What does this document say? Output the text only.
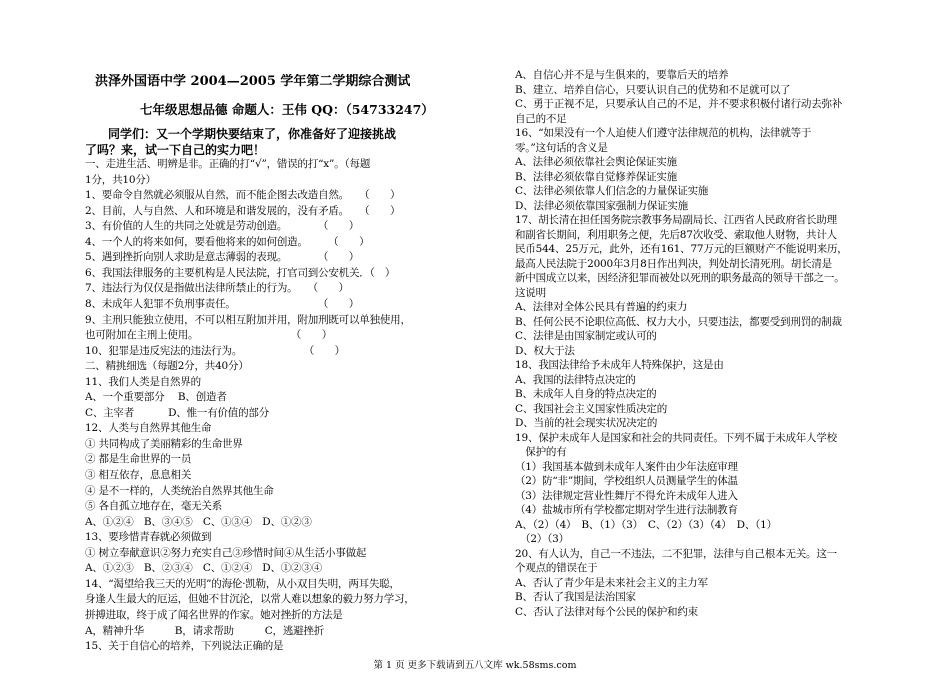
洪泽外国语中学 2004—2005 学年第二学期综合测试
七年级思想品德 命题人：王伟 QQ：（54733247）
同学们：又一个学期快要结束了，你准备好了迎接挑战
了吗？来，试一下自己的实力吧！
一、走进生活、明辨是非。正确的打“√”，错误的打“x”。（每题
1分，共10分）
1、要命令自然就必须服从自然，而不能企图去改造自然。　　（　　）
2、目前，人与自然、人和环境是和谐发展的，没有矛盾。　　（　　）
3、有价值的人生的共同之处就是劳动创造。　　　　（　　）
4、一个人的将来如何，要看他将来的如何创造。　　　（　　）
5、遇到挫折向别人求助是意志薄弱的表现。　　　　（　　）
6、我国法律服务的主要机构是人民法院，打官司到公安机关．（　）
7、违法行为仅仅是指做出法律所禁止的行为。　　（　　）
8、未成年人犯罪不负刑事责任。　　　　　　　　　（　　）
9、主刑只能独立使用，不可以相互附加并用，附加刑既可以单独使用，
也可附加在主刑上使用。　　　　　　　　　　（　　）
10、犯罪是违反宪法的违法行为。　　　　　　　（　　）
二、精挑细选（每题2分，共40分）
11、我们人类是自然界的
A、一个重要部分　 B、创造者
C、主宰者　　　 D、惟一有价值的部分
12、人类与自然界其他生命
① 共同构成了美丽精彩的生命世界
② 都是生命世界的一员
③ 相互依存，息息相关
④ 是不一样的，人类统治自然界其他生命
⑤ 各自孤立地存在，毫无关系
A、①②④　B、③④⑤　C、①③④　D、①②③
13、要珍惜青春就必须做到
① 树立奉献意识②努力充实自己③珍惜时间④从生活小事做起
A、①②③　B、②③④　C、①②④　D、①②③④
14、“渴望给我三天的光明”的海伦·凯勒，从小双目失明，两耳失聪，
身逢人生最大的厄运，但她不甘沉沦，以常人难以想象的毅力努力学习，
拼搏进取，终于成了闻名世界的作家。她对挫折的方法是
A，精神升华　　　B，请求帮助　　　C，逃避挫折
15、关于自信心的培养，下列说法正确的是
A、自信心并不是与生俱来的，要靠后天的培养
B、建立、培养自信心，只要认识自己的优势和不足就可以了
C、勇于正视不足，只要承认自己的不足，并不要求积极付诸行动去弥补
自己的不足
16、“如果没有一个人迫使人们遵守法律规范的机构，法律就等于
零。”这句话的含义是
A、法律必须依靠社会舆论保证实施
B、法律必须依靠自觉修养保证实施
C、法律必须依靠人们信念的力量保证实施
D、法律必须依靠国家强制力保证实施
17、胡长清在担任国务院宗教事务局副局长、江西省人民政府省长助理
和副省长期间，利用职务之便，先后87次收受、索取他人财物，共计人
民币544、25万元，此外，还有161、77万元的巨额财产不能说明来历，
最高人民法院于2000年3月8日作出判决，判处胡长清死刑。胡长清是
新中国成立以来，因经济犯罪而被处以死刑的职务最高的领导干部之一。
这说明
A、法律对全体公民具有普遍的约束力
B、任何公民不论职位高低、权力大小，只要违法，都要受到刑罚的制裁
C、法律是由国家制定或认可的
D、权大于法
18、我国法律给予未成年人特殊保护，这是由
A、我国的法律特点决定的
B、未成年人自身的特点决定的
C、我国社会主义国家性质决定的
D、当前的社会现实状况决定的
19、保护未成年人是国家和社会的共同责任。下列不属于未成年人学校
　保护的有
（1）我国基本做到未成年人案件由少年法庭审理
（2）防“非”期间，学校组织人员测量学生的体温
（3）法律规定营业性舞厅不得允许未成年人进入
（4）盐城市所有学校都定期对学生进行法制教育
A、（2）（4）　B、（1）（3）　C、（2）（3）（4）　D、（1）
　（2）（3）
20、有人认为，自己一不违法，二不犯罪，法律与自己根本无关。这一
个观点的错误在于
A、否认了青少年是未来社会主义的主力军
B、否认了我国是法治国家
C、否认了法律对每个公民的保护和约束
第 1 页 更多下载请到五八文库 wk.58sms.com
